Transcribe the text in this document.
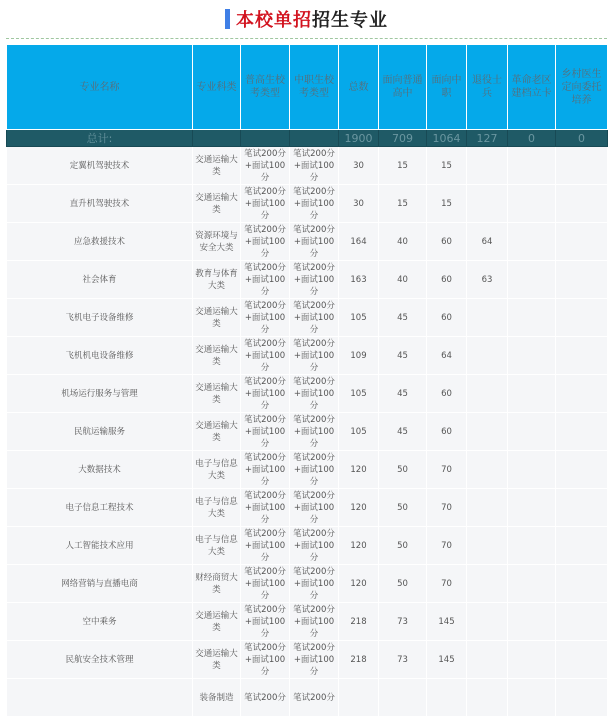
本校单招招生专业
专业名称	专业科类	普高生校考类型	中职生校考类型	总数	面向普通高中	面向中职	退役士兵	革命老区建档立卡	乡村医生定向委托培养
总计:				1900	709	1064	127	0	0
定翼机驾驶技术	交通运输大类	笔试200分+面试100分	笔试200分+面试100分	30	15	15			
直升机驾驶技术	交通运输大类	笔试200分+面试100分	笔试200分+面试100分	30	15	15			
应急救援技术	资源环境与安全大类	笔试200分+面试100分	笔试200分+面试100分	164	40	60	64		
社会体育	教育与体育大类	笔试200分+面试100分	笔试200分+面试100分	163	40	60	63		
飞机电子设备维修	交通运输大类	笔试200分+面试100分	笔试200分+面试100分	105	45	60			
飞机机电设备维修	交通运输大类	笔试200分+面试100分	笔试200分+面试100分	109	45	64			
机场运行服务与管理	交通运输大类	笔试200分+面试100分	笔试200分+面试100分	105	45	60			
民航运输服务	交通运输大类	笔试200分+面试100分	笔试200分+面试100分	105	45	60			
大数据技术	电子与信息大类	笔试200分+面试100分	笔试200分+面试100分	120	50	70			
电子信息工程技术	电子与信息大类	笔试200分+面试100分	笔试200分+面试100分	120	50	70			
人工智能技术应用	电子与信息大类	笔试200分+面试100分	笔试200分+面试100分	120	50	70			
网络营销与直播电商	财经商贸大类	笔试200分+面试100分	笔试200分+面试100分	120	50	70			
空中乘务	交通运输大类	笔试200分+面试100分	笔试200分+面试100分	218	73	145			
民航安全技术管理	交通运输大类	笔试200分+面试100分	笔试200分+面试100分	218	73	145			
	装备制造	笔试200分	笔试200分						
